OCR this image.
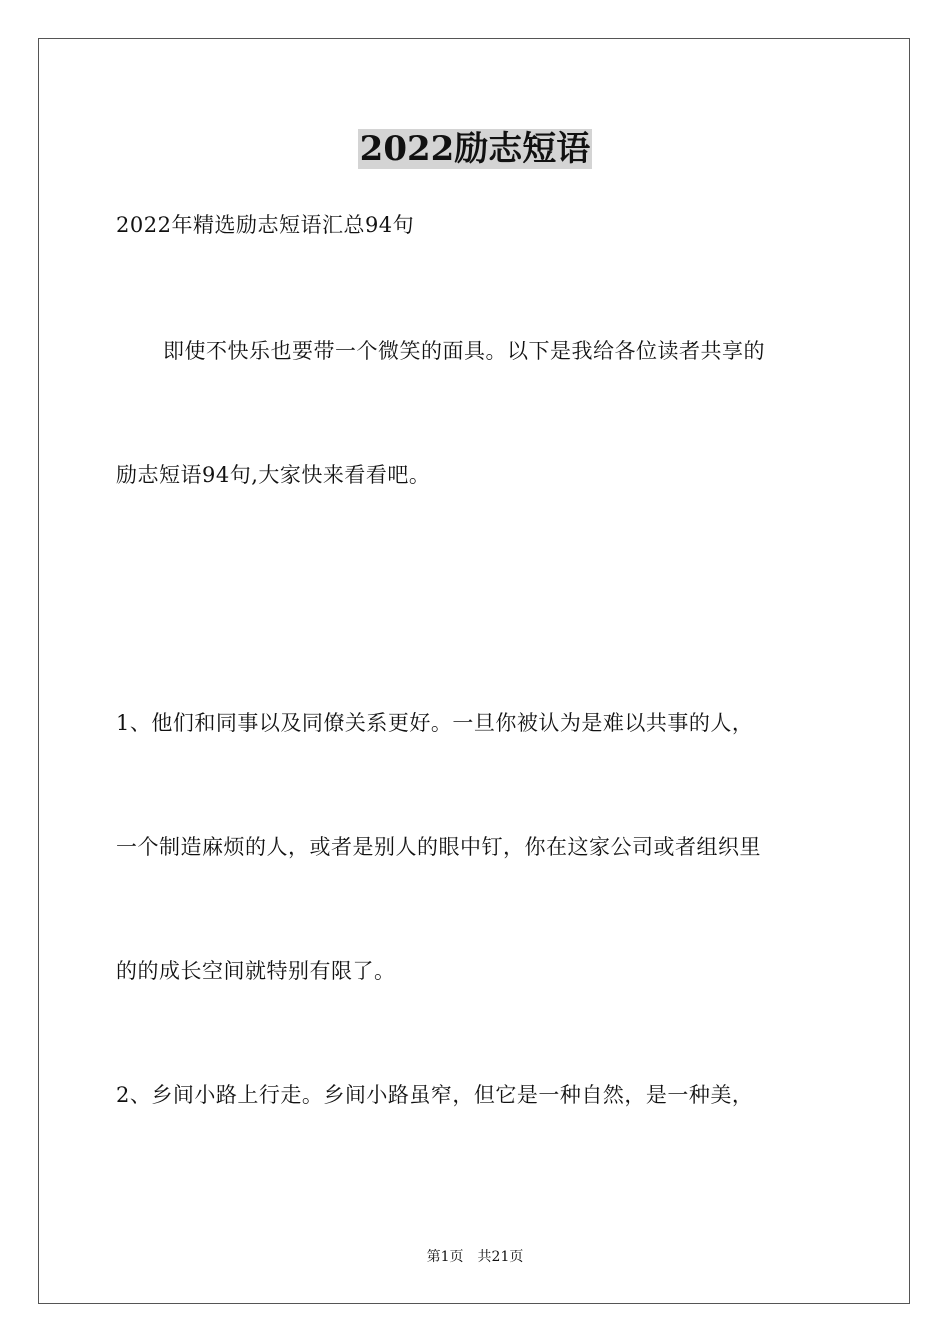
2022励志短语
2022年精选励志短语汇总94句
即使不快乐也要带一个微笑的面具。以下是我给各位读者共享的
励志短语94句,大家快来看看吧。
1、他们和同事以及同僚关系更好。一旦你被认为是难以共事的人，
一个制造麻烦的人，或者是别人的眼中钉，你在这家公司或者组织里
的的成长空间就特别有限了。
2、乡间小路上行走。乡间小路虽窄，但它是一种自然，是一种美，
第1页　共21页
